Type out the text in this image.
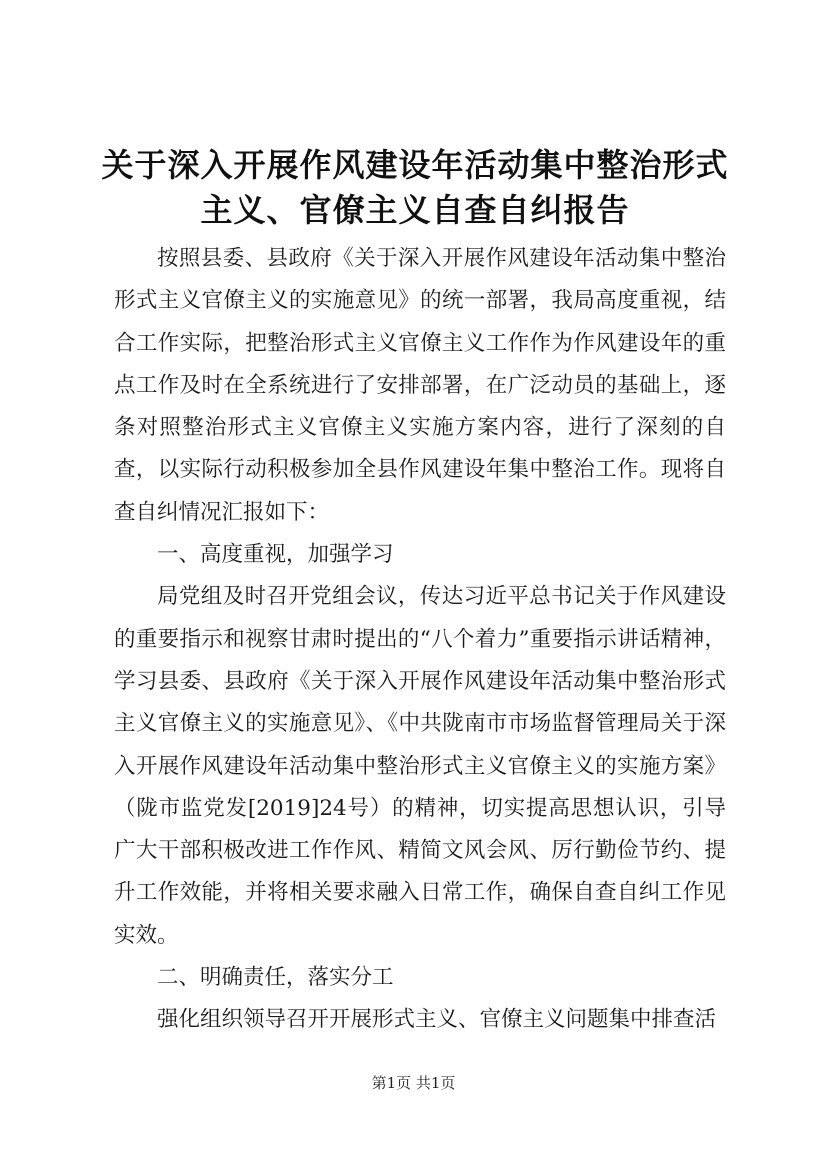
关于深入开展作风建设年活动集中整治形式主义、官僚主义自查自纠报告

按照县委、县政府《关于深入开展作风建设年活动集中整治形式主义官僚主义的实施意见》的统一部署，我局高度重视，结合工作实际，把整治形式主义官僚主义工作作为作风建设年的重点工作及时在全系统进行了安排部署，在广泛动员的基础上，逐条对照整治形式主义官僚主义实施方案内容，进行了深刻的自查，以实际行动积极参加全县作风建设年集中整治工作。现将自查自纠情况汇报如下：

一、高度重视，加强学习

局党组及时召开党组会议，传达习近平总书记关于作风建设的重要指示和视察甘肃时提出的“八个着力”重要指示讲话精神，学习县委、县政府《关于深入开展作风建设年活动集中整治形式主义官僚主义的实施意见》、《中共陇南市市场监督管理局关于深入开展作风建设年活动集中整治形式主义官僚主义的实施方案》（陇市监党发[2019]24号）的精神，切实提高思想认识，引导广大干部积极改进工作作风、精简文风会风、厉行勤俭节约、提升工作效能，并将相关要求融入日常工作，确保自查自纠工作见实效。

二、明确责任，落实分工

强化组织领导召开开展形式主义、官僚主义问题集中排查活

第1页 共1页
